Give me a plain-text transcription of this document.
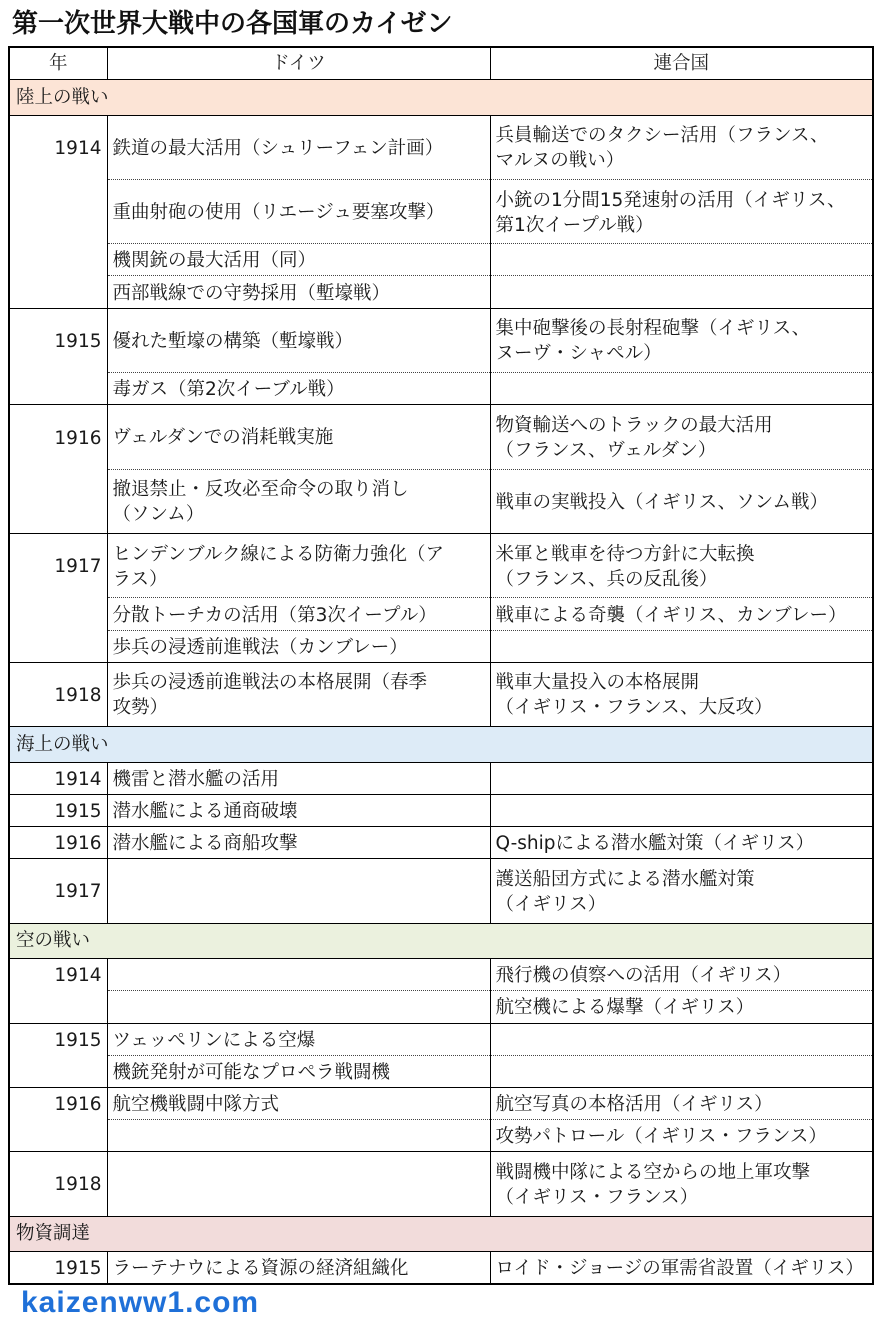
第一次世界大戦中の各国軍のカイゼン
年	ドイツ	連合国
陸上の戦い		
1914	鉄道の最大活用（シュリーフェン計画）	兵員輸送でのタクシー活用（フランス、
マルヌの戦い）

	重曲射砲の使用（リエージュ要塞攻撃）	小銃の1分間15発速射の活用（イギリス、
第1次イープル戦）

	機関銃の最大活用（同）	

	西部戦線での守勢採用（塹壕戦）	

1915	優れた塹壕の構築（塹壕戦）	集中砲撃後の長射程砲撃（イギリス、
ヌーヴ・シャペル）

	毒ガス（第2次イーブル戦）	

1916	ヴェルダンでの消耗戦実施	物資輸送へのトラックの最大活用
（フランス、ヴェルダン）

	撤退禁止・反攻必至命令の取り消し
（ソンム）	戦車の実戦投入（イギリス、ソンム戦）

1917	ヒンデンブルク線による防衛力強化（ア
ラス）	米軍と戦車を待つ方針に大転換
（フランス、兵の反乱後）

	分散トーチカの活用（第3次イープル）	戦車による奇襲（イギリス、カンブレー）

	歩兵の浸透前進戦法（カンブレー）	

1918	歩兵の浸透前進戦法の本格展開（春季
攻勢）	戦車大量投入の本格展開
（イギリス・フランス、大反攻）

海上の戦い		
1914	機雷と潜水艦の活用	

1915	潜水艦による通商破壊	

1916	潜水艦による商船攻撃	Q-shipによる潜水艦対策（イギリス）

1917		護送船団方式による潜水艦対策
（イギリス）

空の戦い		
1914		飛行機の偵察への活用（イギリス）

		航空機による爆撃（イギリス）

1915	ツェッペリンによる空爆	

	機銃発射が可能なプロペラ戦闘機	

1916	航空機戦闘中隊方式	航空写真の本格活用（イギリス）

		攻勢パトロール（イギリス・フランス）

1918		戦闘機中隊による空からの地上軍攻撃
（イギリス・フランス）

物資調達		
1915	ラーテナウによる資源の経済組織化	ロイド・ジョージの軍需省設置（イギリス）
kaizenww1.com
